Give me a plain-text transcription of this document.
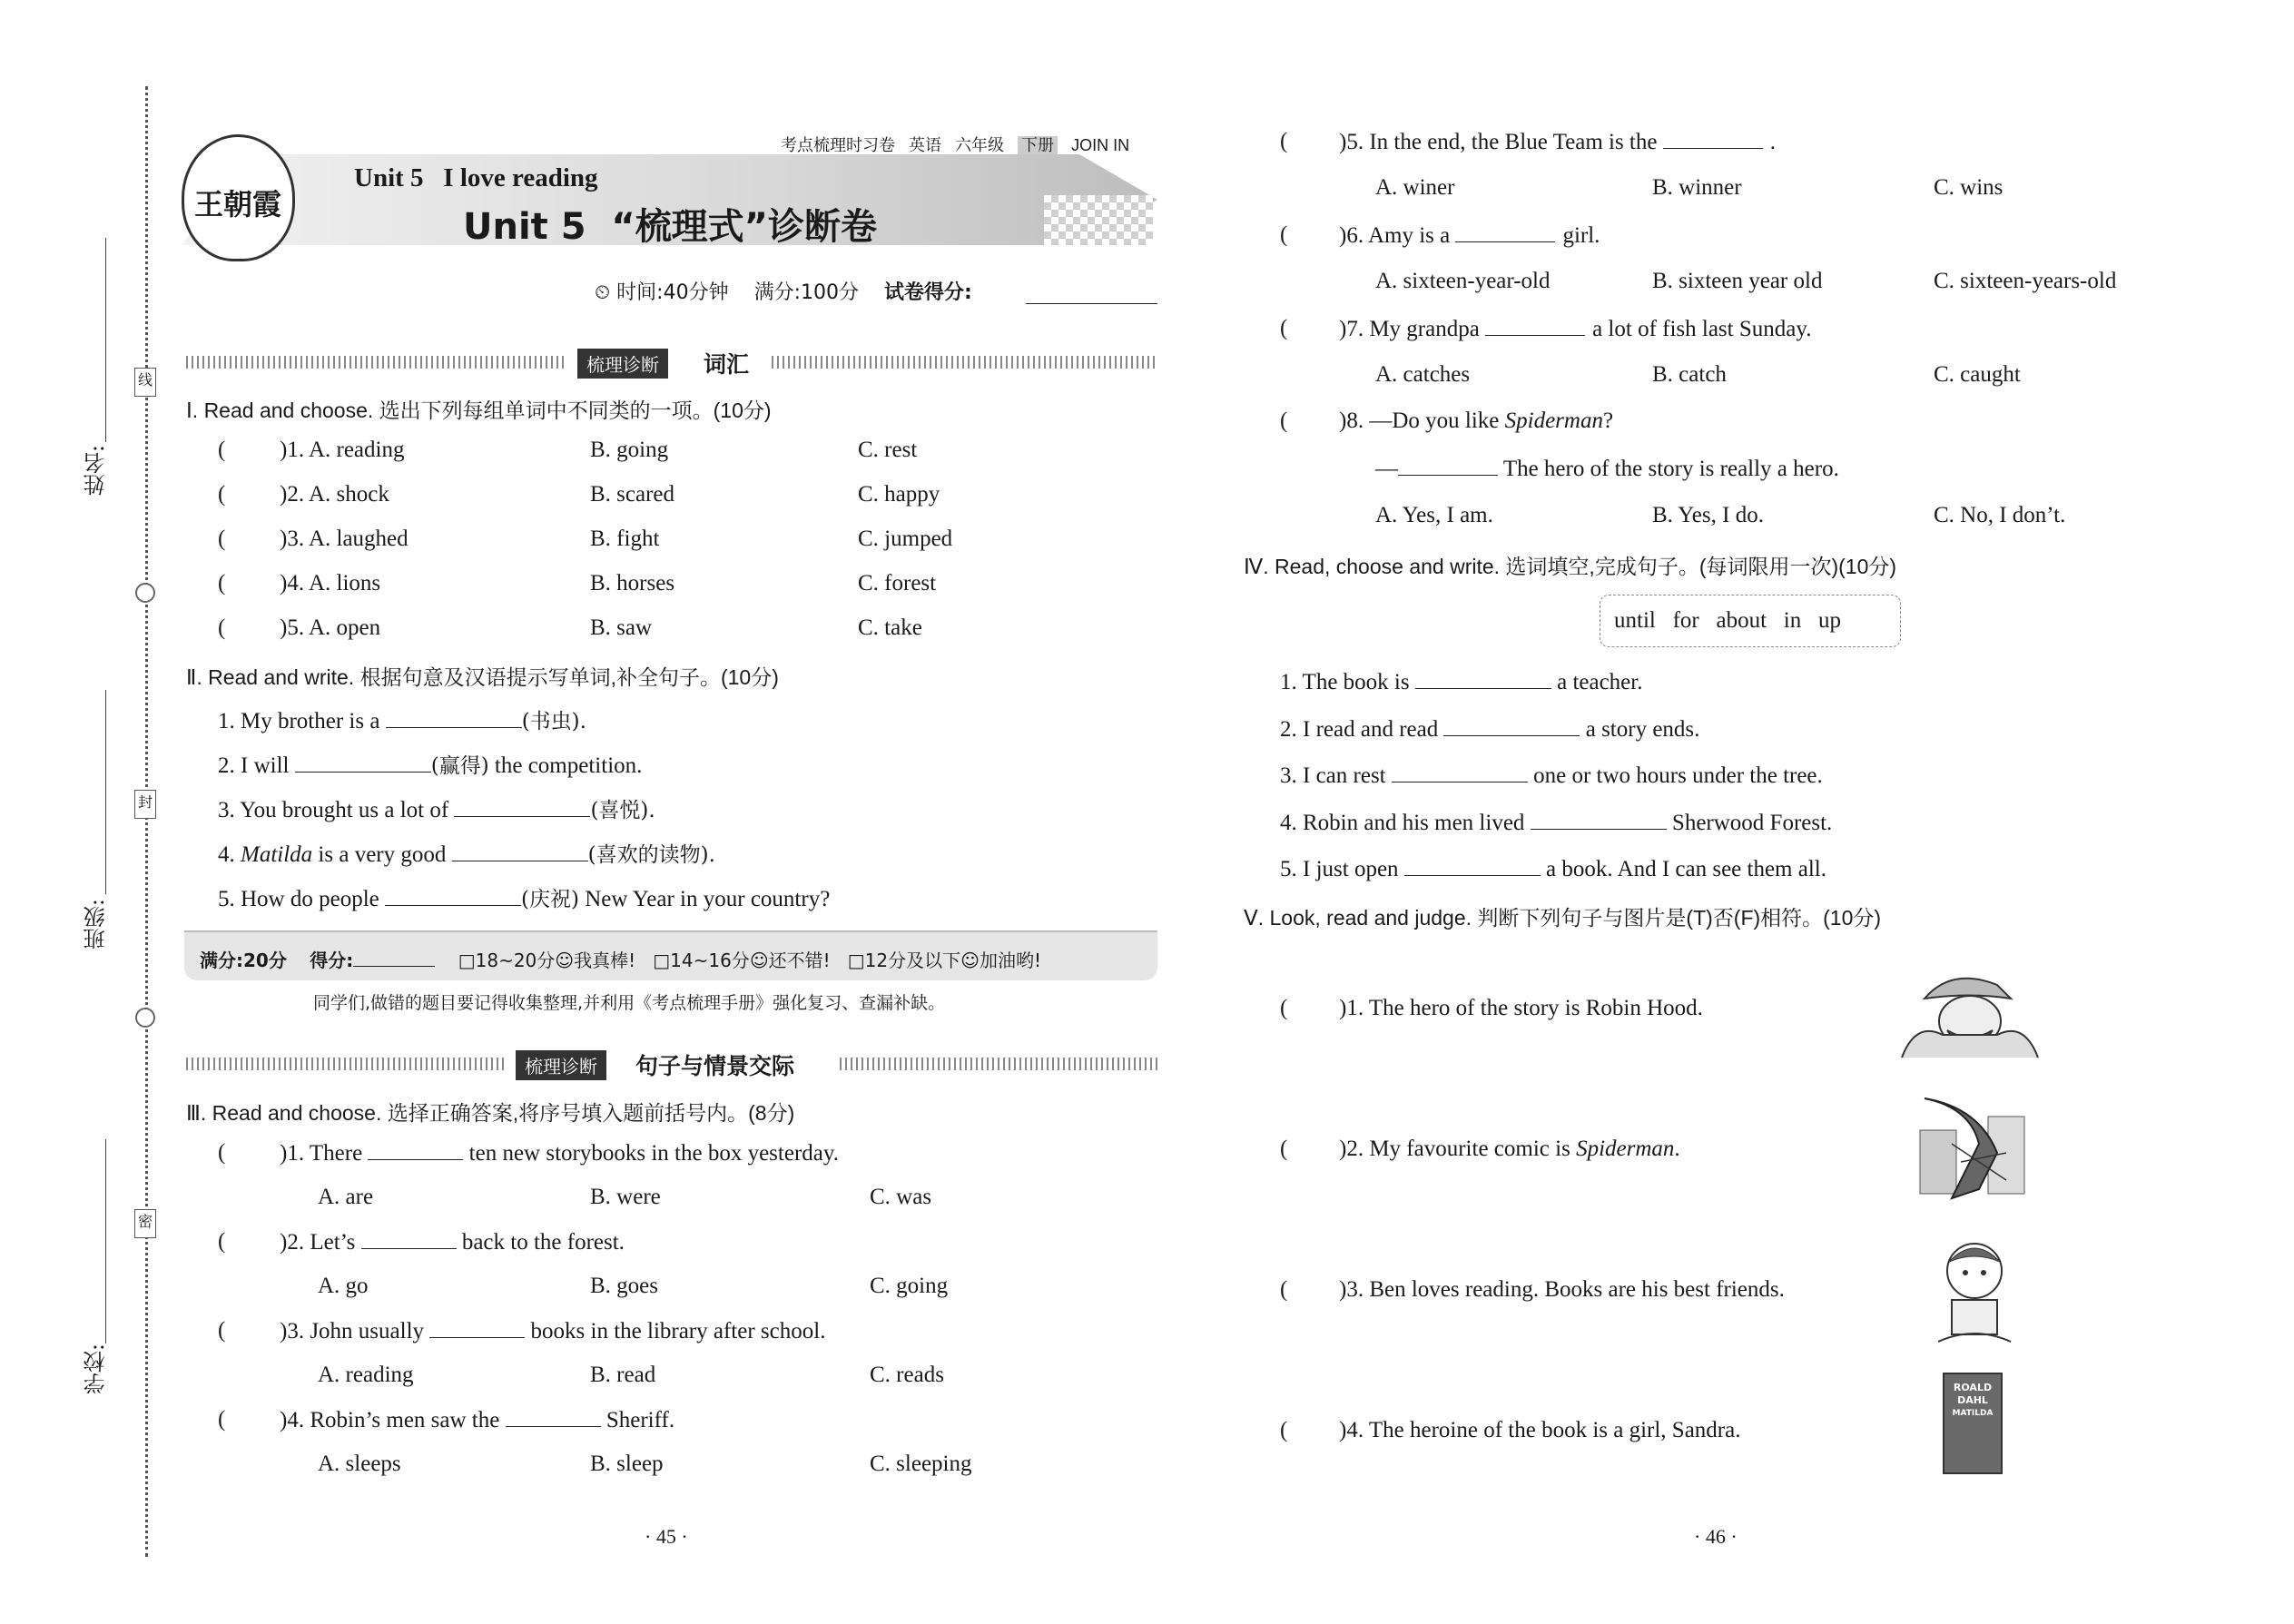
线
封
密
姓名:
班级:
学校:
考点梳理时习卷 英语 六年级 下册 JOIN IN
王朝霞
Unit 5   I love reading
Unit 5  “梳理式”诊断卷
⏲ 时间:40分钟 满分:100分 试卷得分:
梳理诊断	词汇
Ⅰ. Read and choose. 选出下列每组单词中不同类的一项。(10分)
( )1. A. reading	B. going	C. rest
( )2. A. shock	B. scared	C. happy
( )3. A. laughed	B. fight	C. jumped
( )4. A. lions	B. horses	C. forest
( )5. A. open	B. saw	C. take
Ⅱ. Read and write. 根据句意及汉语提示写单词,补全句子。(10分)
1. My brother is a	(书虫).
2. I will	(赢得) the competition.
3. You brought us a lot of	(喜悦).
4. Matilda is a very good	(喜欢的读物).
5. How do people	(庆祝) New Year in your country?
满分:20分 得分:	□18~20分☺我真棒! □14~16分☺还不错! □12分及以下☺加油哟!
同学们,做错的题目要记得收集整理,并利用《考点梳理手册》强化复习、查漏补缺。
梳理诊断	句子与情景交际
Ⅲ. Read and choose. 选择正确答案,将序号填入题前括号内。(8分)
( )1. There	ten new storybooks in the box yesterday.
A. are	B. were	C. was
( )2. Let’s	back to the forest.
A. go	B. goes	C. going
( )3. John usually	books in the library after school.
A. reading	B. read	C. reads
( )4. Robin’s men saw the	Sheriff.
A. sleeps	B. sleep	C. sleeping
· 45 ·
( )5. In the end, the Blue Team is the	.
A. winer	B. winner	C. wins
( )6. Amy is a	girl.
A. sixteen-year-old	B. sixteen year old	C. sixteen-years-old
( )7. My grandpa	a lot of fish last Sunday.
A. catches	B. catch	C. caught
( )8. —Do you like Spiderman?
—	The hero of the story is really a hero.
A. Yes, I am.	B. Yes, I do.	C. No, I don’t.
Ⅳ. Read, choose and write. 选词填空,完成句子。(每词限用一次)(10分)
until   for   about   in   up
1. The book is	a teacher.
2. I read and read	a story ends.
3. I can rest	one or two hours under the tree.
4. Robin and his men lived	Sherwood Forest.
5. I just open	a book. And I can see them all.
Ⅴ. Look, read and judge. 判断下列句子与图片是(T)否(F)相符。(10分)
( )1. The hero of the story is Robin Hood.
( )2. My favourite comic is Spiderman.
( )3. Ben loves reading. Books are his best friends.
( )4. The heroine of the book is a girl, Sandra.
ROALD
DAHL
MATILDA
· 46 ·
